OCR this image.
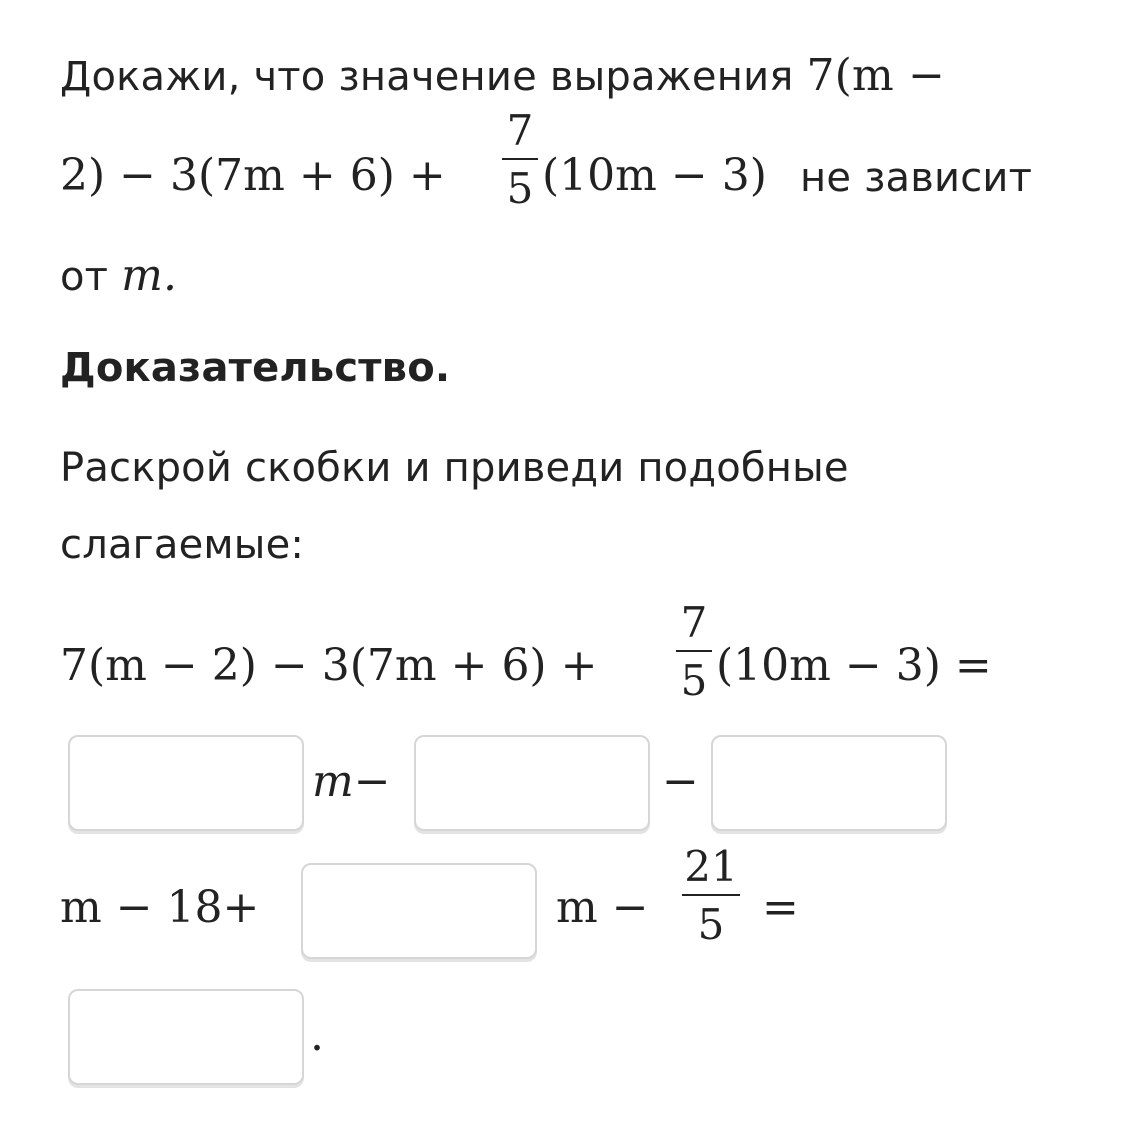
Докажи, что значение выражения 7(m −
2) − 3(7m + 6) +
7
5 (10m − 3) не зависит
от m.
Доказательство.
Раскрой скобки и приведи подобные
слагаемые:
7(m − 2) − 3(7m + 6) +
7
5 (10m − 3) =
m−	−
m − 18+	m −
21
5 =
.
